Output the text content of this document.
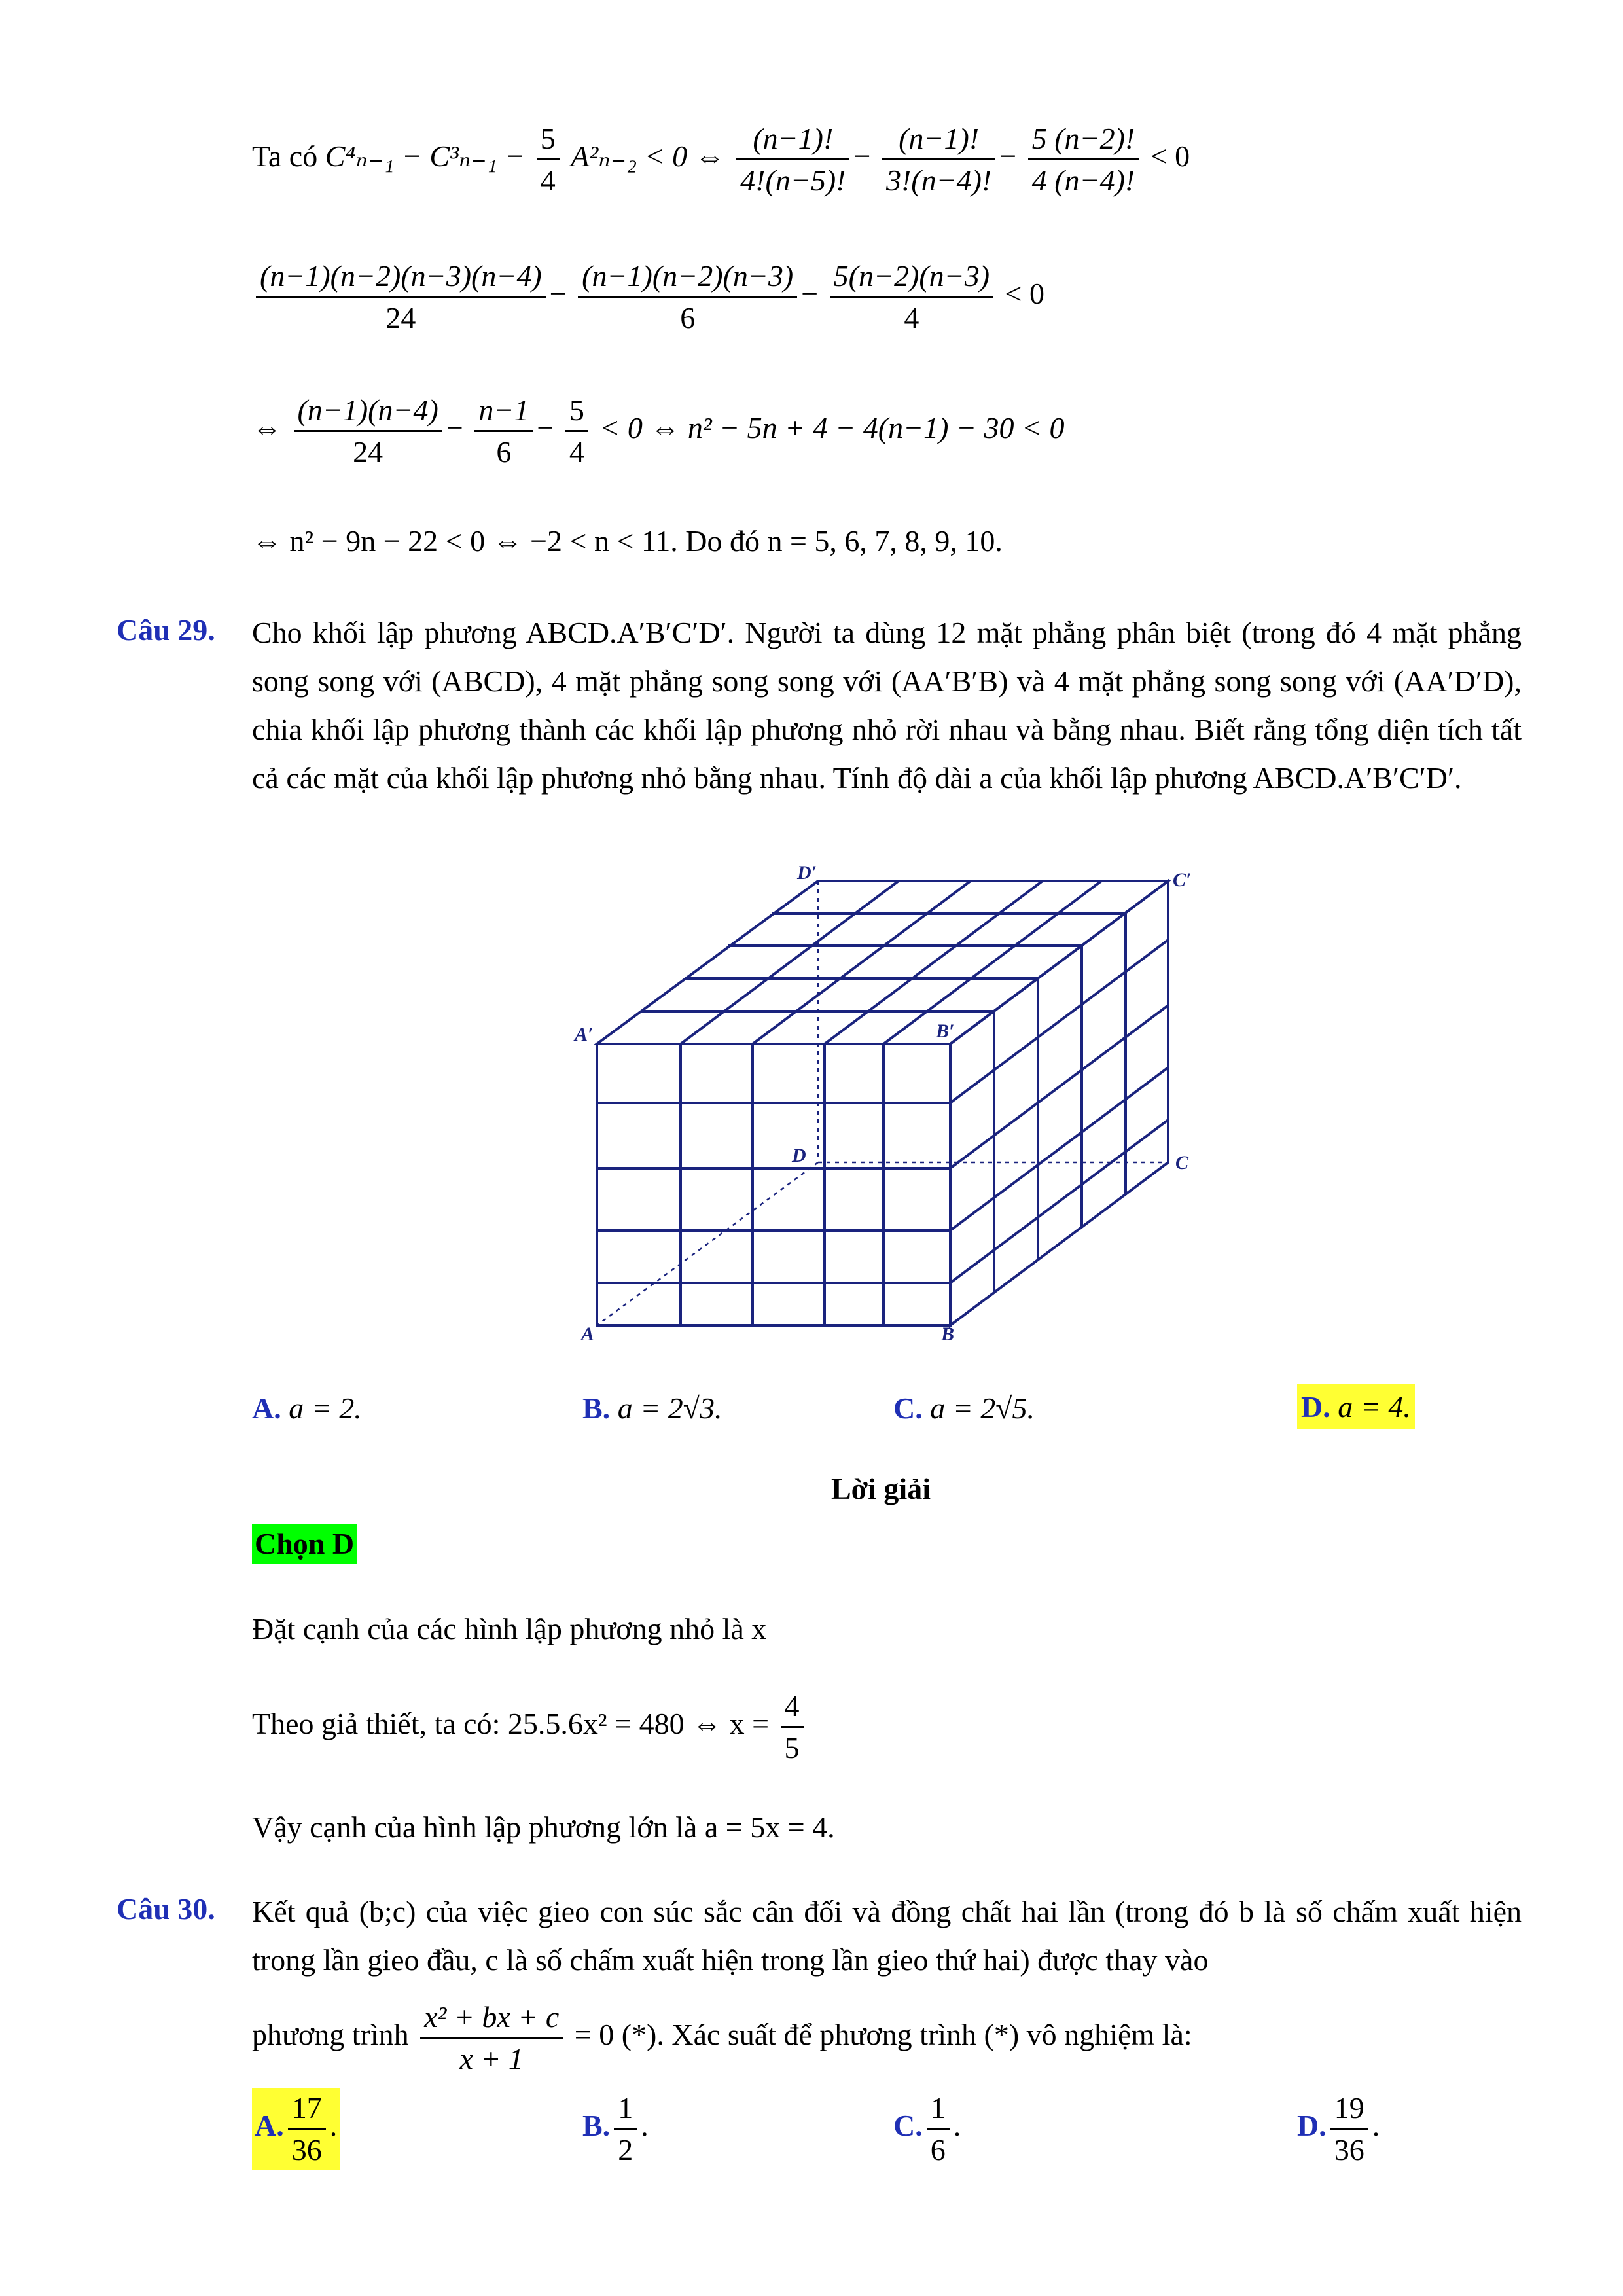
Ta có $C^4_{n-1} - C^3_{n-1} - \frac{5}{4} A^2_{n-2} < 0$ ⇔ $\frac{(n-1)!}{4!(n-5)!} - \frac{(n-1)!}{3!(n-4)!} - \frac{5 (n-2)!}{4 (n-4)!} < 0$
$\frac{(n-1)(n-2)(n-3)(n-4)}{24} - \frac{(n-1)(n-2)(n-3)}{6} - \frac{5(n-2)(n-3)}{4} < 0$
⇔ $\frac{(n-1)(n-4)}{24} - \frac{n-1}{6} - \frac{5}{4} < 0$ ⇔ n² − 5n + 4 − 4(n−1) − 30 < 0
⇔ n² − 9n − 22 < 0 ⇔ −2 < n < 11. Do đó n = 5, 6, 7, 8, 9, 10.
Câu 29. Cho khối lập phương ABCD.A′B′C′D′. Người ta dùng 12 mặt phẳng phân biệt (trong đó 4 mặt phẳng song song với (ABCD), 4 mặt phẳng song song với (AA′B′B) và 4 mặt phẳng song song với (AA′D′D), chia khối lập phương thành các khối lập phương nhỏ rời nhau và bằng nhau. Biết rằng tổng diện tích tất cả các mặt của khối lập phương nhỏ bằng nhau. Tính độ dài a của khối lập phương ABCD.A′B′C′D′.
D′	C′
A′	B′
D	C
A	B
A. a = 2.	B. a = 2√3.	C. a = 2√5.	D. a = 4.
Lời giải
Chọn D
Đặt cạnh của các hình lập phương nhỏ là x
Theo giả thiết, ta có: 25.5.6x² = 480 ⇔ $x = \frac{4}{5}$
Vậy cạnh của hình lập phương lớn là a = 5x = 4.
Câu 30. Kết quả (b;c) của việc gieo con súc sắc cân đối và đồng chất hai lần (trong đó b là số chấm xuất hiện trong lần gieo đầu, c là số chấm xuất hiện trong lần gieo thứ hai) được thay vào
phương trình $\frac{\text{x² + bx + c}}{x + 1} = 0$ (*). Xác suất để phương trình (*) vô nghiệm là:
A. $\frac{17}{36}$ .	B. $\frac{1}{2}$ .	C. $\frac{1}{6}$ .	D. $\frac{19}{36}$ .
